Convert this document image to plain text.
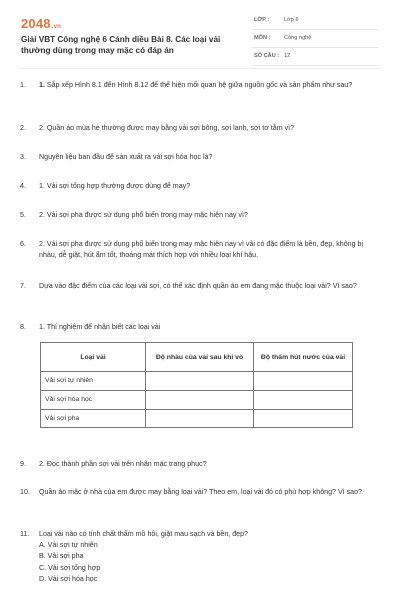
2048.vn
Giải VBT Công nghệ 6 Cánh diều Bài 8. Các loại vải thường dùng trong may mặc có đáp án
LỚP :	Lớp 6
MÔN : Công nghệ
SỐ CÂU : 12
1. 1. Sắp xếp Hình 8.1 đến Hình 8.12 để thể hiện mối quan hệ giữa nguồn gốc và sản phẩm như sau?
2. 2. Quần áo mùa hè thường được may bằng vải sợi bông, sợi lanh, sợi tơ tằm vì?
3. Nguyên liệu ban đầu để sản xuất ra vải sợi hóa học là?
4. 1. Vải sợi tổng hợp thường được dùng để may?
5. 2. Vải sợi pha được sử dụng phổ biến trong may mặc hiện nay vì?
6. 2. Vải sợi pha được sử dụng phổ biến trong may mặc hiện nay vì vải có đặc điểm là bền, đẹp, không bị nhàu, dễ giặt, hút ẩm tốt, thoáng mát thích hợp với nhiều loại khí hậu.
7. Dựa vào đặc điểm của các loại vải sợi, có thể xác định quần áo em đang mặc thuộc loại vải? Vì sao?
8. 1. Thí nghiệm để nhận biết các loại vải
Loại vải	Độ nhàu của vải sau khi vò	Độ thấm hút nước của vải
Vải sợi tự nhiên		
Vải sợi hóa học		
Vải sợi pha		
9. 2. Đọc thành phần sợi vải trên nhãn mác trang phục?
10. Quần áo mặc ở nhà của em được may bằng loại vải? Theo em, loại vải đó có phù hợp không? Vì sao?
11. Loại vải nào có tính chất thấm mồ hôi, giặt mau sạch và bền, đẹp?
A. Vải sợi tự nhiên
B. Vải sợi pha
C. Vải sợi tổng hợp
D. Vải sợi hóa học
